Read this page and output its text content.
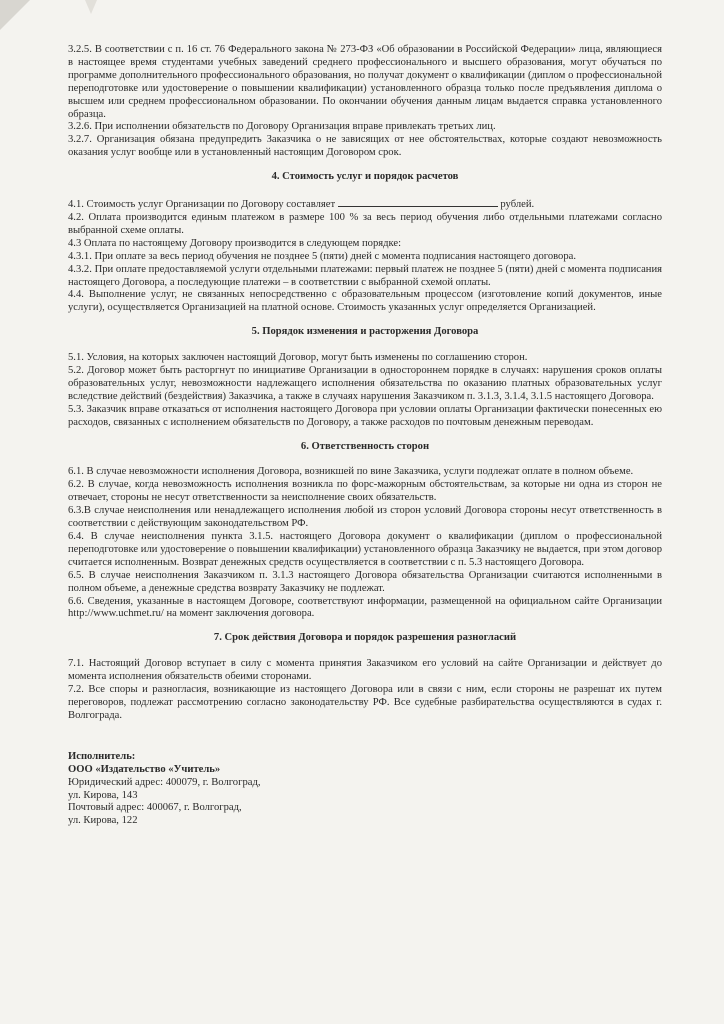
3.2.5. В соответствии с п. 16 ст. 76 Федерального закона № 273-ФЗ «Об образовании в Российской Федерации» лица, являющиеся в настоящее время студентами учебных заведений среднего профессионального и высшего образования, могут обучаться по программе дополнительного профессионального образования, но получат документ о квалификации (диплом о профессиональной переподготовке или удостоверение о повышении квалификации) установленного образца только после предъявления диплома о высшем или среднем профессиональном образовании. По окончании обучения данным лицам выдается справка установленного образца.

3.2.6. При исполнении обязательств по Договору Организация вправе привлекать третьих лиц.

3.2.7. Организация обязана предупредить Заказчика о не зависящих от нее обстоятельствах, которые создают невозможность оказания услуг вообще или в установленный настоящим Договором срок.

4. Стоимость услуг и порядок расчетов

4.1. Стоимость услуг Организации по Договору составляет	рублей.

4.2. Оплата производится единым платежом в размере 100 % за весь период обучения либо отдельными платежами согласно выбранной схеме оплаты.

4.3 Оплата по настоящему Договору производится в следующем порядке:

4.3.1. При оплате за весь период обучения не позднее 5 (пяти) дней с момента подписания настоящего договора.

4.3.2. При оплате предоставляемой услуги отдельными платежами: первый платеж не позднее 5 (пяти) дней с момента подписания настоящего Договора, а последующие платежи – в соответствии с выбранной схемой оплаты.

4.4. Выполнение услуг, не связанных непосредственно с образовательным процессом (изготовление копий документов, иные услуги), осуществляется Организацией на платной основе. Стоимость указанных услуг определяется Организацией.

5. Порядок изменения и расторжения Договора

5.1. Условия, на которых заключен настоящий Договор, могут быть изменены по соглашению сторон.

5.2. Договор может быть расторгнут по инициативе Организации в одностороннем порядке в случаях: нарушения сроков оплаты образовательных услуг, невозможности надлежащего исполнения обязательства по оказанию платных образовательных услуг вследствие действий (бездействия) Заказчика, а также в случаях нарушения Заказчиком п. 3.1.3, 3.1.4, 3.1.5 настоящего Договора.

5.3. Заказчик вправе отказаться от исполнения настоящего Договора при условии оплаты Организации фактически понесенных ею расходов, связанных с исполнением обязательств по Договору, а также расходов по почтовым денежным переводам.

6. Ответственность сторон

6.1. В случае невозможности исполнения Договора, возникшей по вине Заказчика, услуги подлежат оплате в полном объеме.

6.2. В случае, когда невозможность исполнения возникла по форс-мажорным обстоятельствам, за которые ни одна из сторон не отвечает, стороны не несут ответственности за неисполнение своих обязательств.

6.3.В случае неисполнения или ненадлежащего исполнения любой из сторон условий Договора стороны несут ответственность в соответствии с действующим законодательством РФ.

6.4. В случае неисполнения пункта 3.1.5. настоящего Договора документ о квалификации (диплом о профессиональной переподготовке или удостоверение о повышении квалификации) установленного образца Заказчику не выдается, при этом договор считается исполненным. Возврат денежных средств осуществляется в соответствии с п. 5.3 настоящего Договора.

6.5. В случае неисполнения Заказчиком п. 3.1.3 настоящего Договора обязательства Организации считаются исполненными в полном объеме, а денежные средства возврату Заказчику не подлежат.

6.6. Сведения, указанные в настоящем Договоре, соответствуют информации, размещенной на официальном сайте Организации http://www.uchmet.ru/ на момент заключения договора.

7. Срок действия Договора и порядок разрешения разногласий

7.1. Настоящий Договор вступает в силу с момента принятия Заказчиком его условий на сайте Организации и действует до момента исполнения обязательств обеими сторонами.

7.2. Все споры и разногласия, возникающие из настоящего Договора или в связи с ним, если стороны не разрешат их путем переговоров, подлежат рассмотрению согласно законодательству РФ. Все судебные разбирательства осуществляются в судах г. Волгограда.

Исполнитель:
ООО «Издательство «Учитель»
Юридический адрес: 400079, г. Волгоград,
ул. Кирова, 143
Почтовый адрес: 400067, г. Волгоград,
ул. Кирова, 122
